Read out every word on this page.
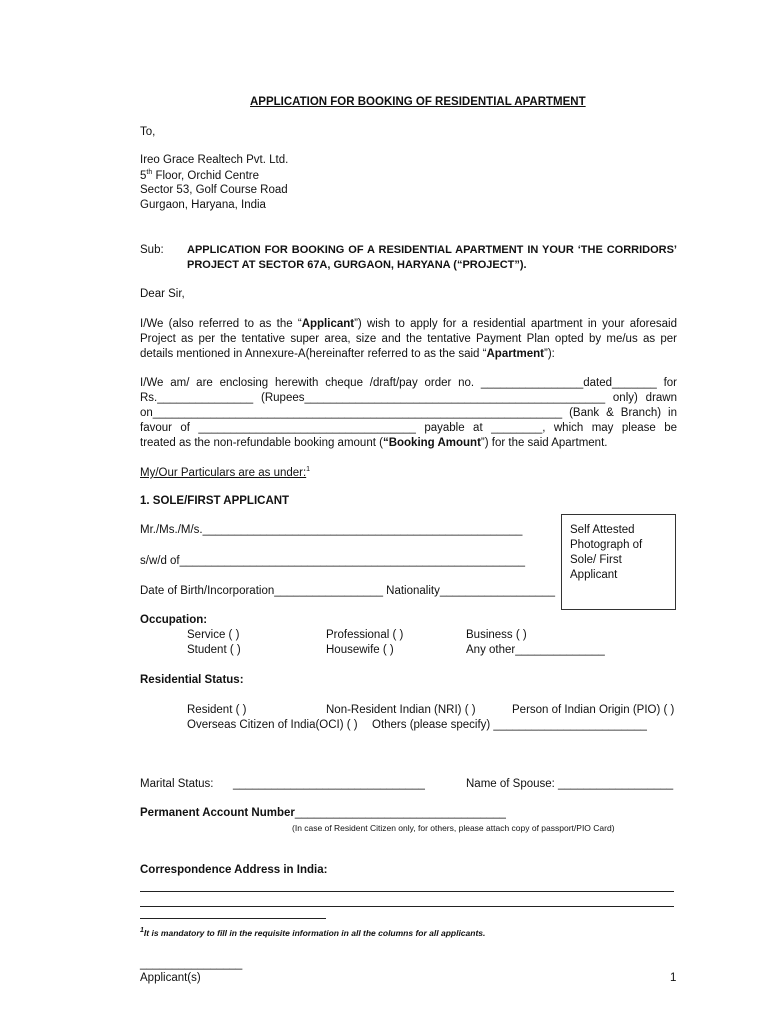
APPLICATION FOR BOOKING OF RESIDENTIAL APARTMENT
To,
Ireo Grace Realtech Pvt. Ltd.
5th Floor, Orchid Centre
Sector 53, Golf Course Road
Gurgaon, Haryana, India
Sub: APPLICATION FOR BOOKING OF A RESIDENTIAL APARTMENT IN YOUR ‘THE CORRIDORS’
PROJECT AT SECTOR 67A, GURGAON, HARYANA (“PROJECT”).
Dear Sir,
I/We (also referred to as the “Applicant”) wish to apply for a residential apartment in your aforesaid
Project as per the tentative super area, size and the tentative Payment Plan opted by me/us as per
details mentioned in Annexure-A(hereinafter referred to as the said “Apartment”):
I/We am/ are enclosing herewith cheque /draft/pay order no. ________________dated_______ for
Rs._______________ (Rupees_______________________________________________ only) drawn
on________________________________________________________________ (Bank & Branch) in
favour of __________________________________ payable at ________, which may please be
treated as the non-refundable booking amount (“Booking Amount”) for the said Apartment.
My/Our Particulars are as under:$^1$
1. SOLE/FIRST APPLICANT
Mr./Ms./M/s.__________________________________________________
s/w/d of______________________________________________________
Date of Birth/Incorporation_________________ Nationality__________________
Self Attested Photograph of Sole/ First Applicant
Occupation:
Service ( )	Professional ( )	Business ( )
Student ( )	Housewife ( )	Any other______________
Residential Status:
Resident ( )	Non-Resident Indian (NRI) ( )	Person of Indian Origin (PIO) ( )
Overseas Citizen of India(OCI) ( ) Others (please specify) ________________________
Marital Status: ______________________________	Name of Spouse: __________________
Permanent Account Number_________________________________
(In case of Resident Citizen only, for others, please attach copy of passport/PIO Card)
Correspondence Address in India:
$^1$It is mandatory to fill in the requisite information in all the columns for all applicants.
________________
Applicant(s)	1
